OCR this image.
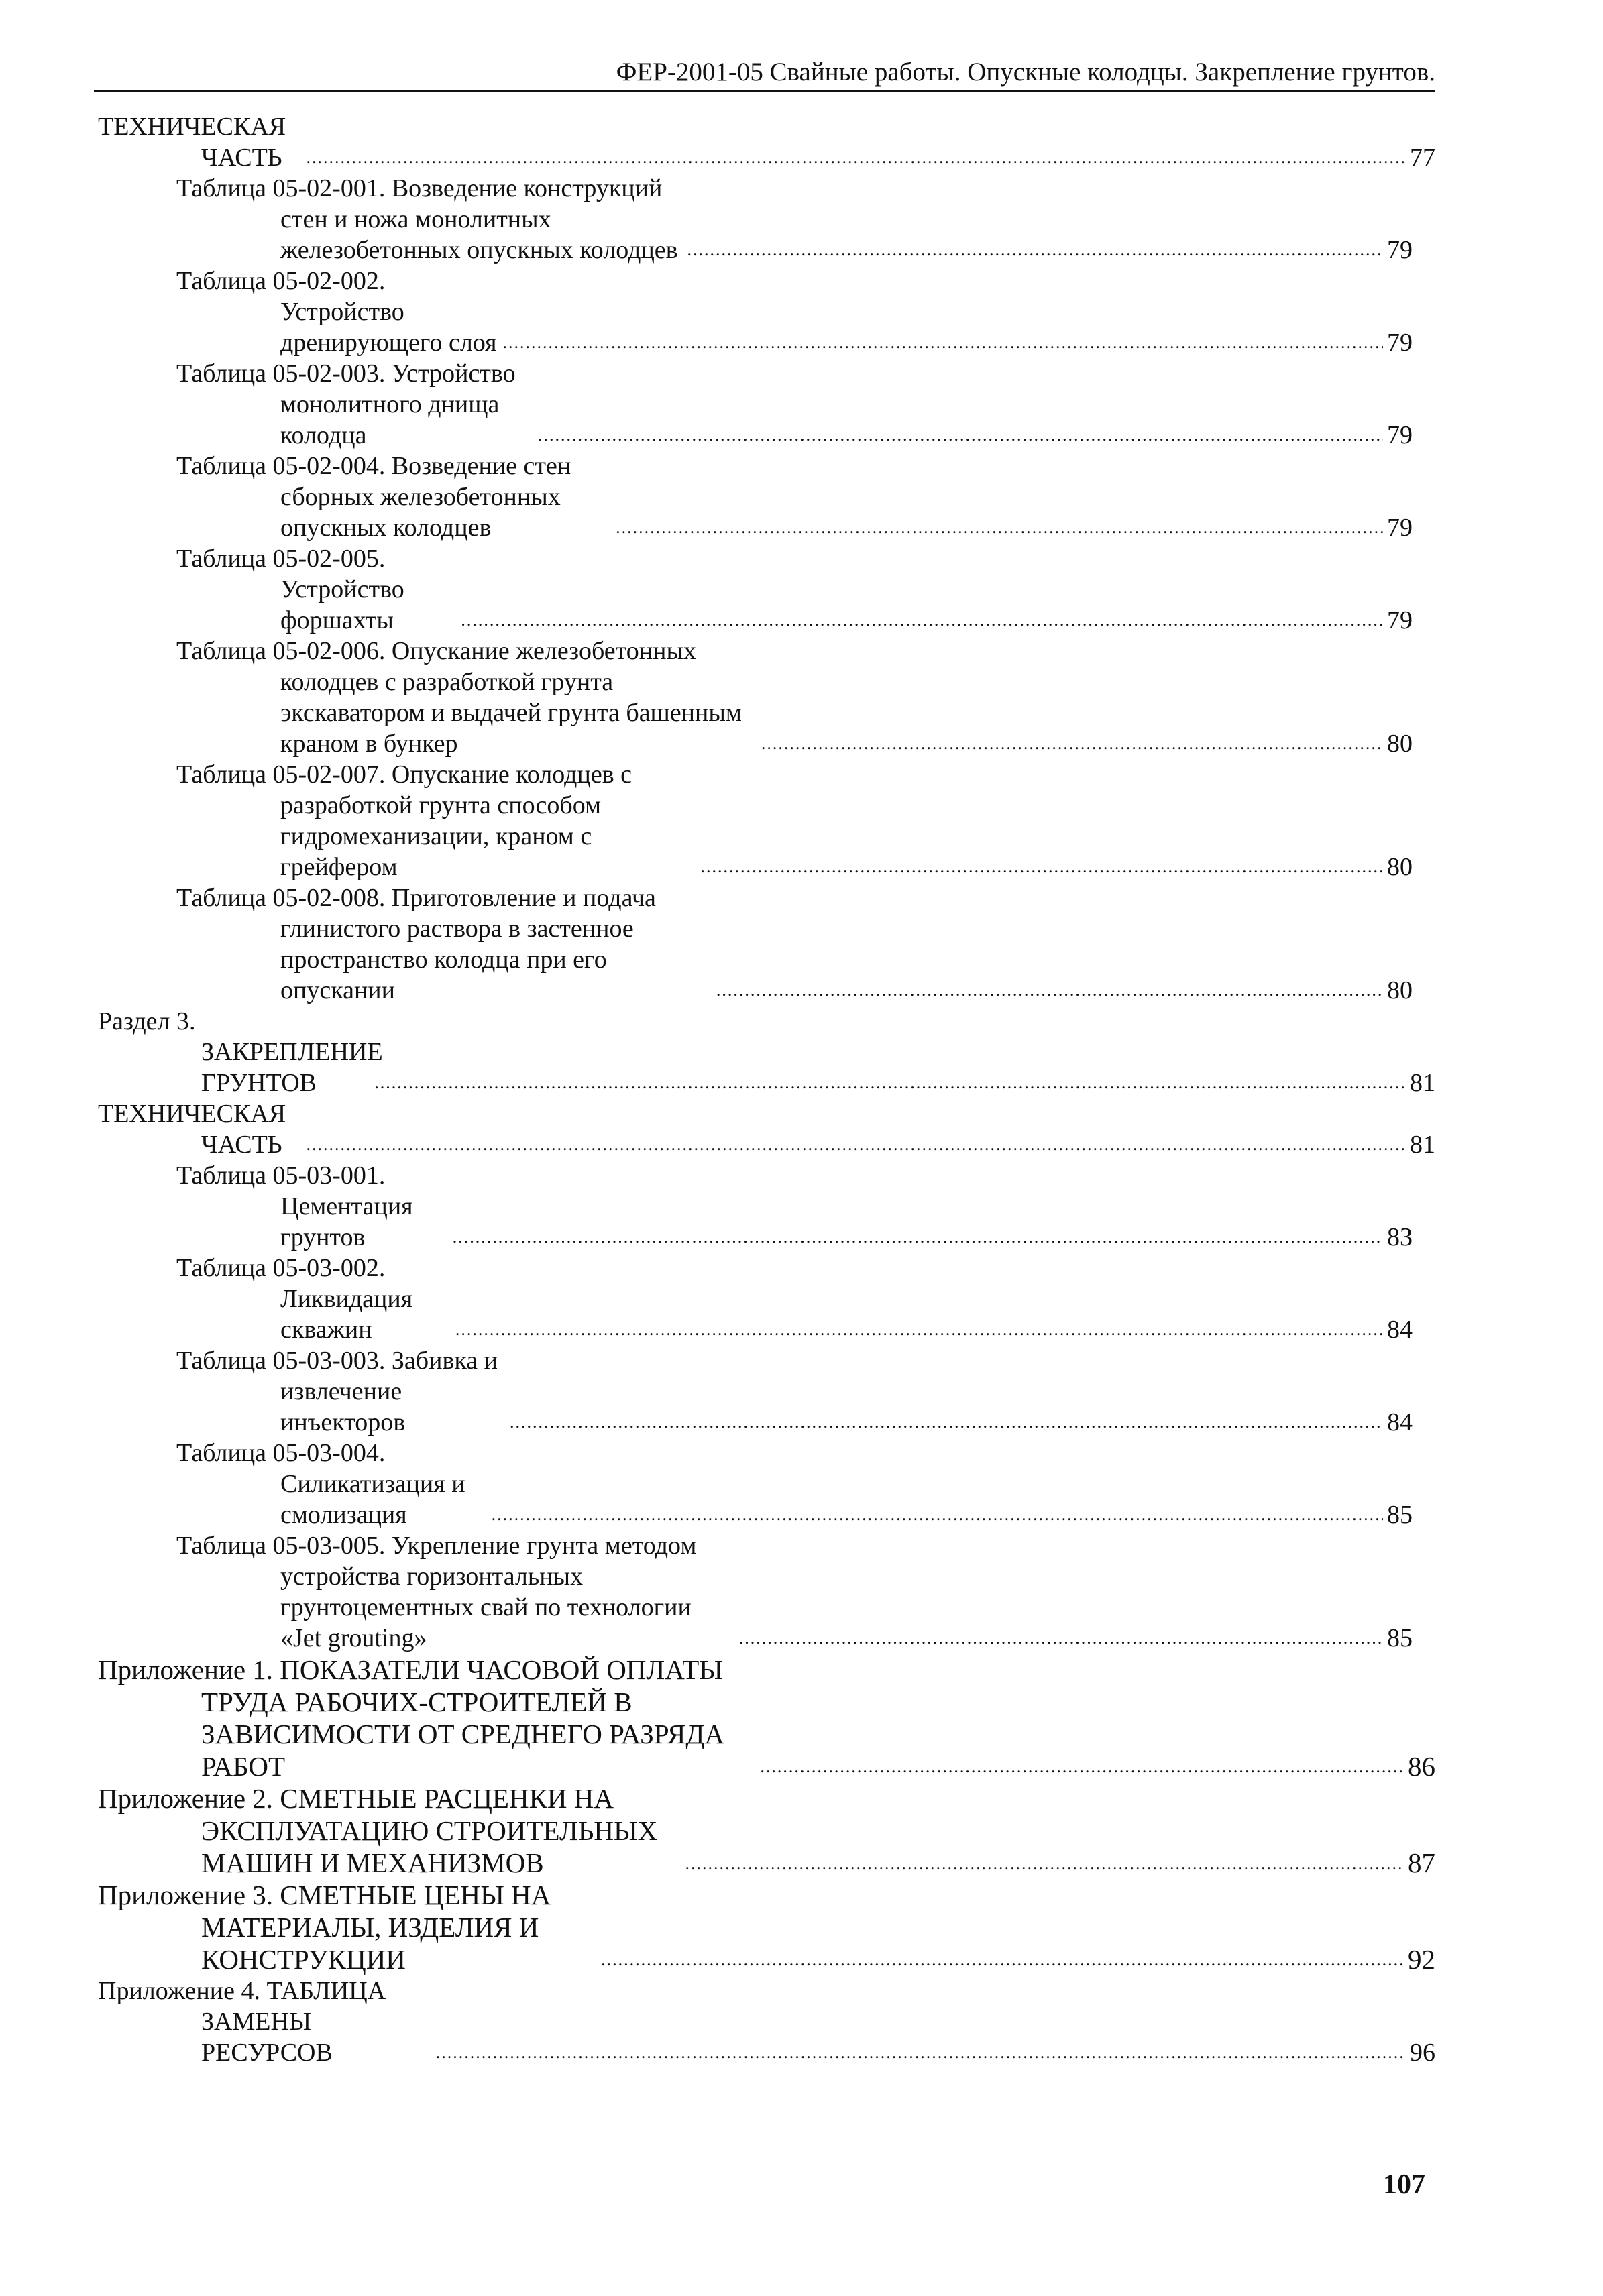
ФЕР-2001-05 Свайные работы. Опускные колодцы. Закрепление грунтов.
ТЕХНИЧЕСКАЯ ЧАСТЬ .....	77
Таблица 05-02-001. Возведение конструкций стен и ножа монолитных железобетонных опускных колодцев .....	79
Таблица 05-02-002. Устройство дренирующего слоя .....	79
Таблица 05-02-003. Устройство монолитного днища колодца .....	79
Таблица 05-02-004. Возведение стен сборных железобетонных опускных колодцев .....	79
Таблица 05-02-005. Устройство форшахты .....	79
Таблица 05-02-006. Опускание железобетонных колодцев с разработкой грунта экскаватором и выдачей грунта башенным краном в бункер .....	80
Таблица 05-02-007. Опускание колодцев с разработкой грунта способом гидромеханизации, краном с грейфером .....	80
Таблица 05-02-008. Приготовление и подача глинистого раствора в застенное пространство колодца при его опускании .....	80
Раздел 3. ЗАКРЕПЛЕНИЕ ГРУНТОВ .....	81
ТЕХНИЧЕСКАЯ ЧАСТЬ .....	81
Таблица 05-03-001. Цементация грунтов .....	83
Таблица 05-03-002. Ликвидация скважин .....	84
Таблица 05-03-003. Забивка и извлечение инъекторов .....	84
Таблица 05-03-004. Силикатизация и смолизация .....	85
Таблица 05-03-005. Укрепление грунта методом устройства горизонтальных грунтоцементных свай по технологии «Jet grouting» .....	85
Приложение 1. ПОКАЗАТЕЛИ ЧАСОВОЙ ОПЛАТЫ ТРУДА РАБОЧИХ-СТРОИТЕЛЕЙ В ЗАВИСИМОСТИ ОТ СРЕДНЕГО РАЗРЯДА РАБОТ .....	86
Приложение 2. СМЕТНЫЕ РАСЦЕНКИ НА ЭКСПЛУАТАЦИЮ СТРОИТЕЛЬНЫХ МАШИН И МЕХАНИЗМОВ .....	87
Приложение 3. СМЕТНЫЕ ЦЕНЫ НА МАТЕРИАЛЫ, ИЗДЕЛИЯ И КОНСТРУКЦИИ .....	92
Приложение 4. ТАБЛИЦА ЗАМЕНЫ РЕСУРСОВ .....	96
107
